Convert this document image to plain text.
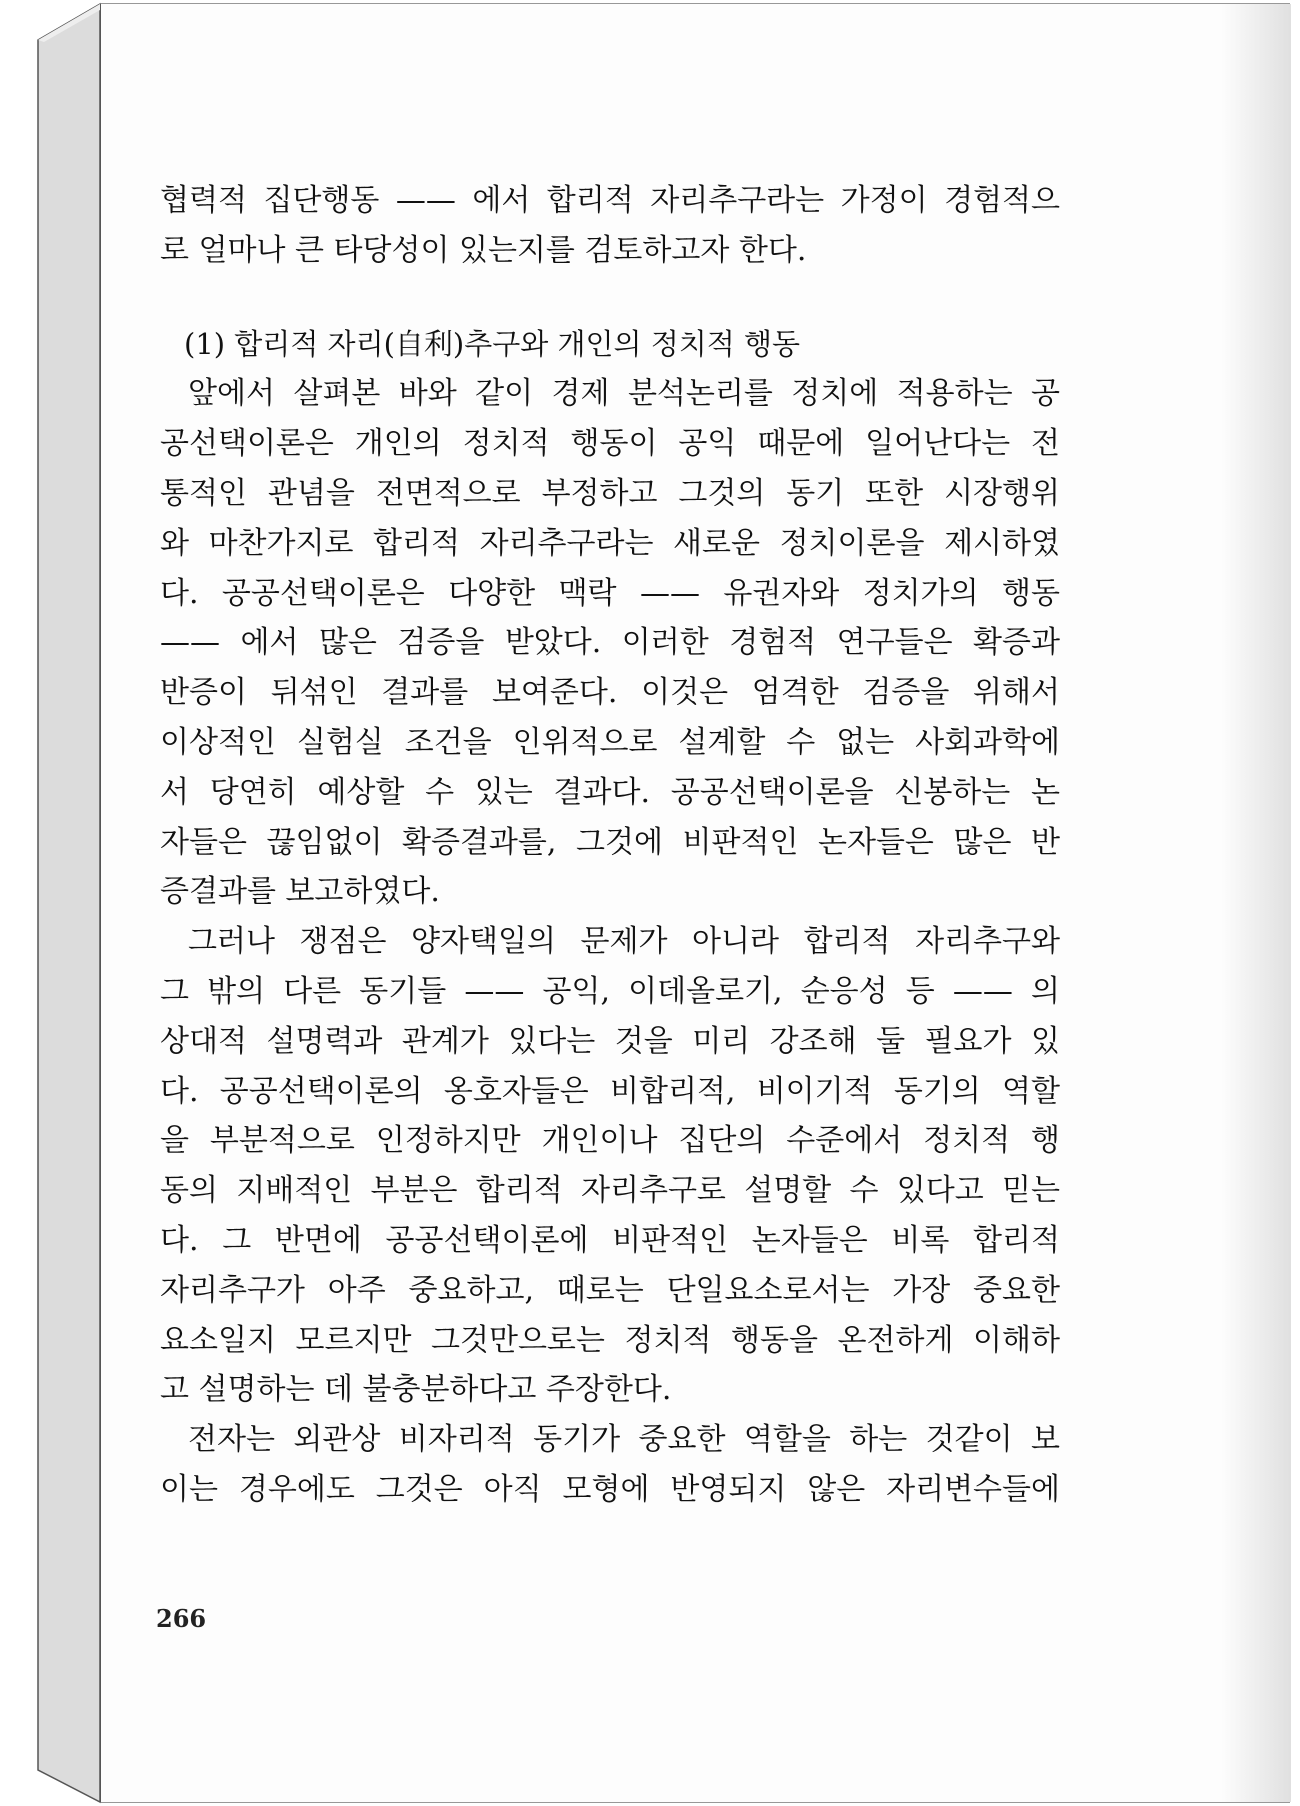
협력적 집단행동 —— 에서 합리적 자리추구라는 가정이 경험적으
로 얼마나 큰 타당성이 있는지를 검토하고자 한다.
(1) 합리적 자리(自利)추구와 개인의 정치적 행동
앞에서 살펴본 바와 같이 경제 분석논리를 정치에 적용하는 공
공선택이론은 개인의 정치적 행동이 공익 때문에 일어난다는 전
통적인 관념을 전면적으로 부정하고 그것의 동기 또한 시장행위
와 마찬가지로 합리적 자리추구라는 새로운 정치이론을 제시하였
다. 공공선택이론은 다양한 맥락 —— 유권자와 정치가의 행동
—— 에서 많은 검증을 받았다. 이러한 경험적 연구들은 확증과
반증이 뒤섞인 결과를 보여준다. 이것은 엄격한 검증을 위해서
이상적인 실험실 조건을 인위적으로 설계할 수 없는 사회과학에
서 당연히 예상할 수 있는 결과다. 공공선택이론을 신봉하는 논
자들은 끊임없이 확증결과를, 그것에 비판적인 논자들은 많은 반
증결과를 보고하였다.
그러나 쟁점은 양자택일의 문제가 아니라 합리적 자리추구와
그 밖의 다른 동기들 —— 공익, 이데올로기, 순응성 등 —— 의
상대적 설명력과 관계가 있다는 것을 미리 강조해 둘 필요가 있
다. 공공선택이론의 옹호자들은 비합리적, 비이기적 동기의 역할
을 부분적으로 인정하지만 개인이나 집단의 수준에서 정치적 행
동의 지배적인 부분은 합리적 자리추구로 설명할 수 있다고 믿는
다. 그 반면에 공공선택이론에 비판적인 논자들은 비록 합리적
자리추구가 아주 중요하고, 때로는 단일요소로서는 가장 중요한
요소일지 모르지만 그것만으로는 정치적 행동을 온전하게 이해하
고 설명하는 데 불충분하다고 주장한다.
전자는 외관상 비자리적 동기가 중요한 역할을 하는 것같이 보
이는 경우에도 그것은 아직 모형에 반영되지 않은 자리변수들에
266
